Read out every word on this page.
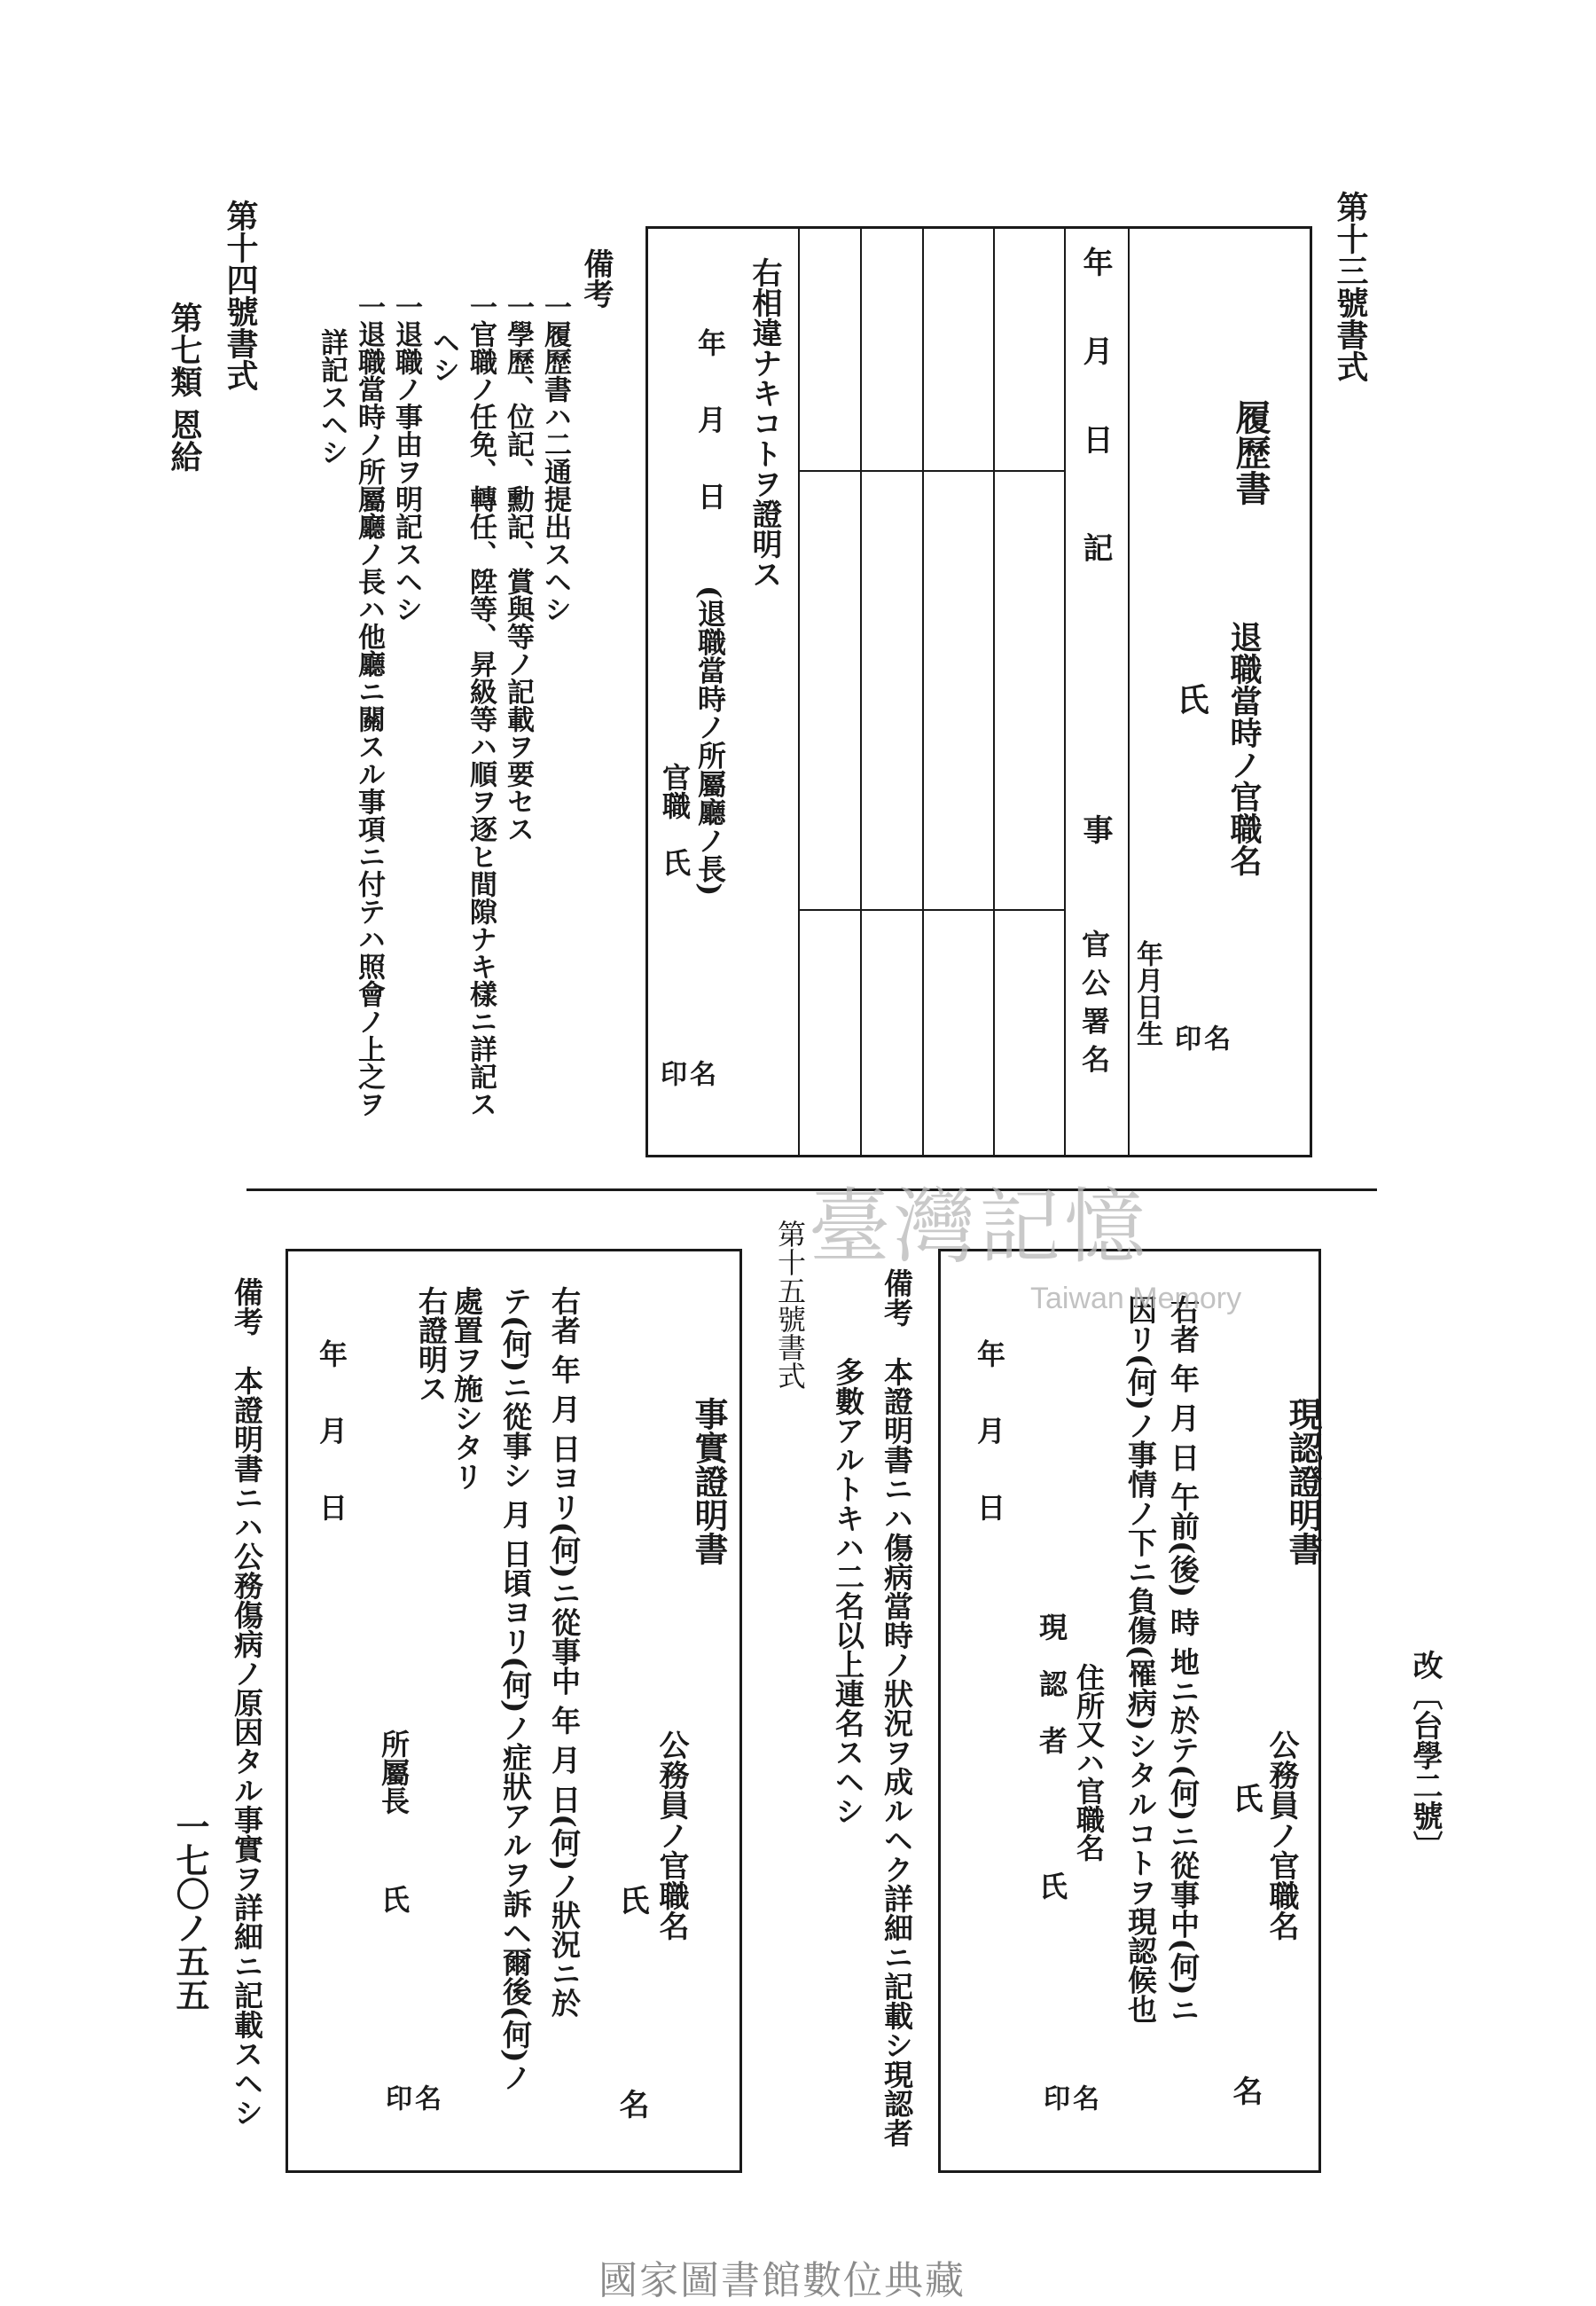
第十三號書式
第十四號書式
第七類 恩給
改〔台學二號〕
一七〇ノ五五
履歷書
退職當時ノ官職名
氏
名
印
年月日生
年
月
日
記
事
官 公 署 名
右相違ナキコトヲ證明ス
年　月　日
(退職當時ノ所屬廳ノ長)
官職　氏
名
印
備考
一履歷書ハ二通提出スヘシ
一學歷、位記、勳記、賞與等ノ記載ヲ要セス
一官職ノ任免、轉任、陞等、昇級等ハ順ヲ逐ヒ間隙ナキ樣ニ詳記ス
ヘシ
一退職ノ事由ヲ明記スヘシ
一退職當時ノ所屬廳ノ長ハ他廳ニ關スル事項ニ付テハ照會ノ上之ヲ
詳記スヘシ
現認證明書
公務員ノ官職名
氏
名
右者 年 月 日 午前(後) 時 地ニ於テ(何)ニ從事中(何)ニ
因リ(何)ノ事情ノ下ニ負傷(罹病)シタルコトヲ現認候也
年　月　日
住所又ハ官職名
現　認　者
氏
名
印
備考
本證明書ニハ傷病當時ノ狀況ヲ成ルヘク詳細ニ記載シ現認者
多數アルトキハ二名以上連名スヘシ
第十五號書式
事實證明書
公務員ノ官職名
氏
名
右者 年 月 日ヨリ(何)ニ從事中 年 月 日(何)ノ狀況ニ於
テ(何)ニ從事シ 月 日頃ヨリ(何)ノ症狀アルヲ訴ヘ爾後(何)ノ
處置ヲ施シタリ
右證明ス
年　月　日
所屬長
氏
名
印
備考
本證明書ニハ公務傷病ノ原因タル事實ヲ詳細ニ記載スヘシ
臺灣記憶
Taiwan Memory
國家圖書館數位典藏
